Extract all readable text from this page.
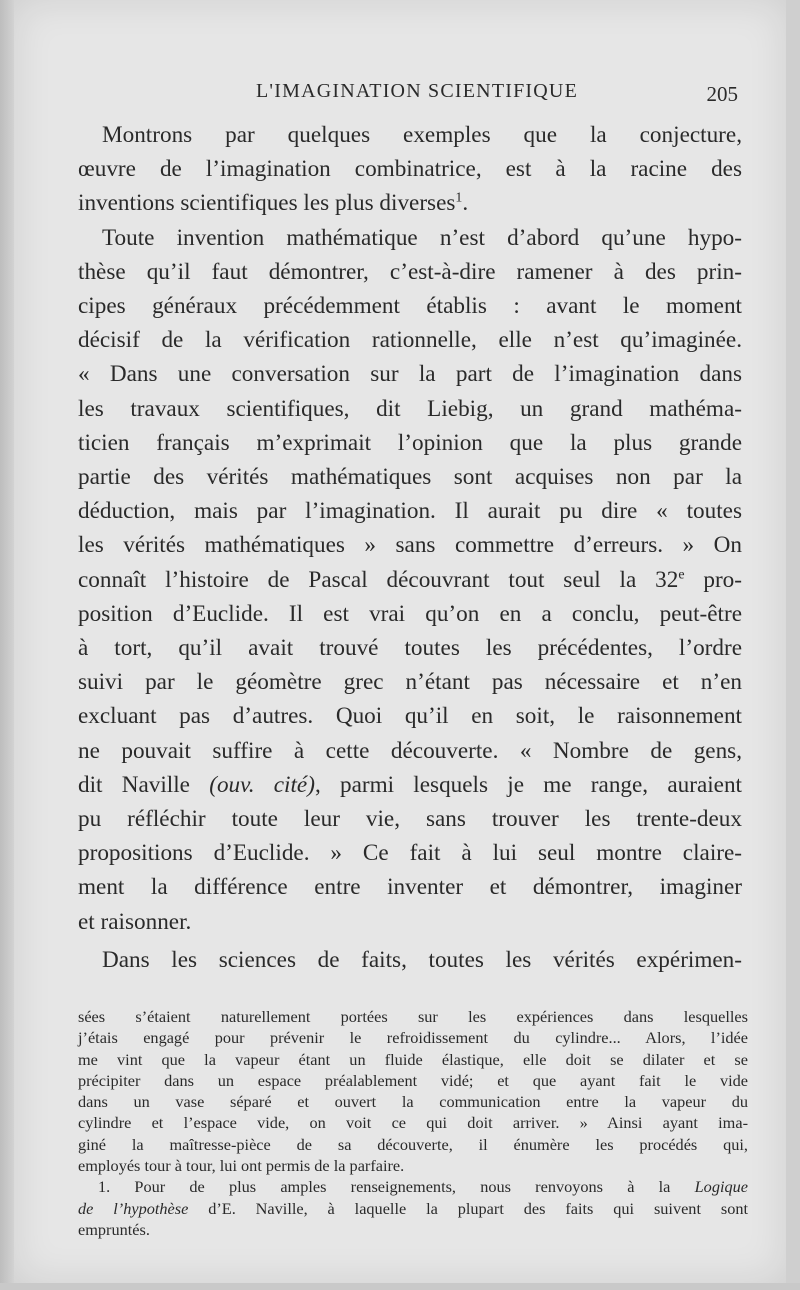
L'IMAGINATION SCIENTIFIQUE	205
Montrons par quelques exemples que la conjecture,
œuvre de l’imagination combinatrice, est à la racine des
inventions scientifiques les plus diverses$^1$.
Toute invention mathématique n’est d’abord qu’une hypo-
thèse qu’il faut démontrer, c’est-à-dire ramener à des prin-
cipes généraux précédemment établis : avant le moment
décisif de la vérification rationnelle, elle n’est qu’imaginée.
« Dans une conversation sur la part de l’imagination dans
les travaux scientifiques, dit Liebig, un grand mathéma-
ticien français m’exprimait l’opinion que la plus grande
partie des vérités mathématiques sont acquises non par la
déduction, mais par l’imagination. Il aurait pu dire « toutes
les vérités mathématiques » sans commettre d’erreurs. » On
connaît l’histoire de Pascal découvrant tout seul la 32e pro-
position d’Euclide. Il est vrai qu’on en a conclu, peut-être
à tort, qu’il avait trouvé toutes les précédentes, l’ordre
suivi par le géomètre grec n’étant pas nécessaire et n’en
excluant pas d’autres. Quoi qu’il en soit, le raisonnement
ne pouvait suffire à cette découverte. « Nombre de gens,
dit Naville (ouv. cité), parmi lesquels je me range, auraient
pu réfléchir toute leur vie, sans trouver les trente-deux
propositions d’Euclide. » Ce fait à lui seul montre claire-
ment la différence entre inventer et démontrer, imaginer
et raisonner.
Dans les sciences de faits, toutes les vérités expérimen-
sées s’étaient naturellement portées sur les expériences dans lesquelles
j’étais engagé pour prévenir le refroidissement du cylindre... Alors, l’idée
me vint que la vapeur étant un fluide élastique, elle doit se dilater et se
précipiter dans un espace préalablement vidé; et que ayant fait le vide
dans un vase séparé et ouvert la communication entre la vapeur du
cylindre et l’espace vide, on voit ce qui doit arriver. » Ainsi ayant ima-
giné la maîtresse-pièce de sa découverte, il énumère les procédés qui,
employés tour à tour, lui ont permis de la parfaire.
1. Pour de plus amples renseignements, nous renvoyons à la Logique
de l’hypothèse d’E. Naville, à laquelle la plupart des faits qui suivent sont
empruntés.
